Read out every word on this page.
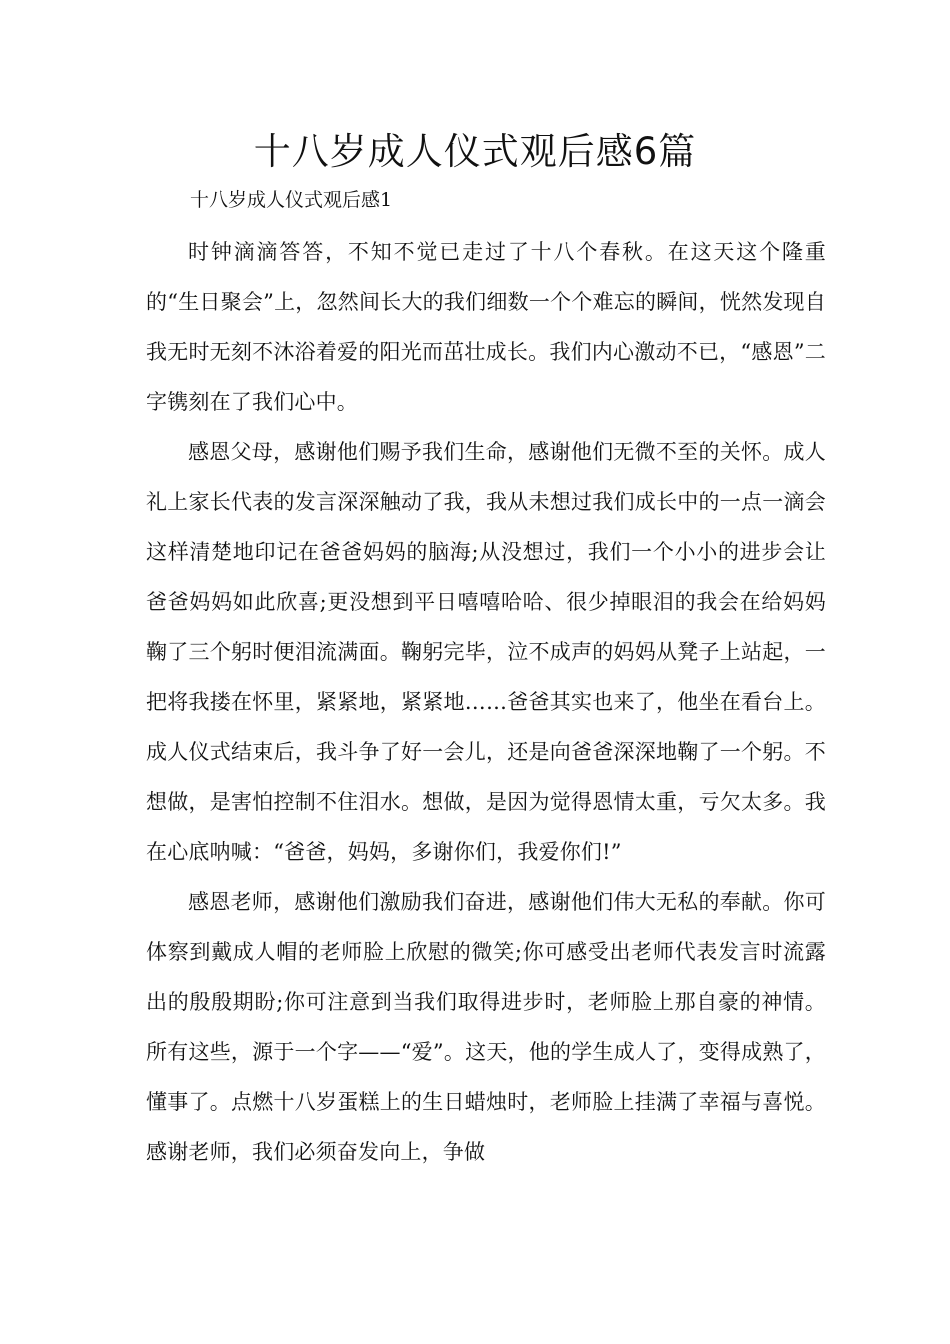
十八岁成人仪式观后感6篇
十八岁成人仪式观后感1

时钟滴滴答答，不知不觉已走过了十八个春秋。在这天这个隆重的“生日聚会”上，忽然间长大的我们细数一个个难忘的瞬间，恍然发现自我无时无刻不沐浴着爱的阳光而茁壮成长。我们内心激动不已，“感恩”二字镌刻在了我们心中。

感恩父母，感谢他们赐予我们生命，感谢他们无微不至的关怀。成人礼上家长代表的发言深深触动了我，我从未想过我们成长中的一点一滴会这样清楚地印记在爸爸妈妈的脑海;从没想过，我们一个小小的进步会让爸爸妈妈如此欣喜;更没想到平日嘻嘻哈哈、很少掉眼泪的我会在给妈妈鞠了三个躬时便泪流满面。鞠躬完毕，泣不成声的妈妈从凳子上站起，一把将我搂在怀里，紧紧地，紧紧地……爸爸其实也来了，他坐在看台上。成人仪式结束后，我斗争了好一会儿，还是向爸爸深深地鞠了一个躬。不想做，是害怕控制不住泪水。想做，是因为觉得恩情太重，亏欠太多。我在心底呐喊：“爸爸，妈妈，多谢你们，我爱你们!”

感恩老师，感谢他们激励我们奋进，感谢他们伟大无私的奉献。你可体察到戴成人帽的老师脸上欣慰的微笑;你可感受出老师代表发言时流露出的殷殷期盼;你可注意到当我们取得进步时，老师脸上那自豪的神情。所有这些，源于一个字——“爱”。这天，他的学生成人了，变得成熟了，懂事了。点燃十八岁蛋糕上的生日蜡烛时，老师脸上挂满了幸福与喜悦。感谢老师，我们必须奋发向上，争做
